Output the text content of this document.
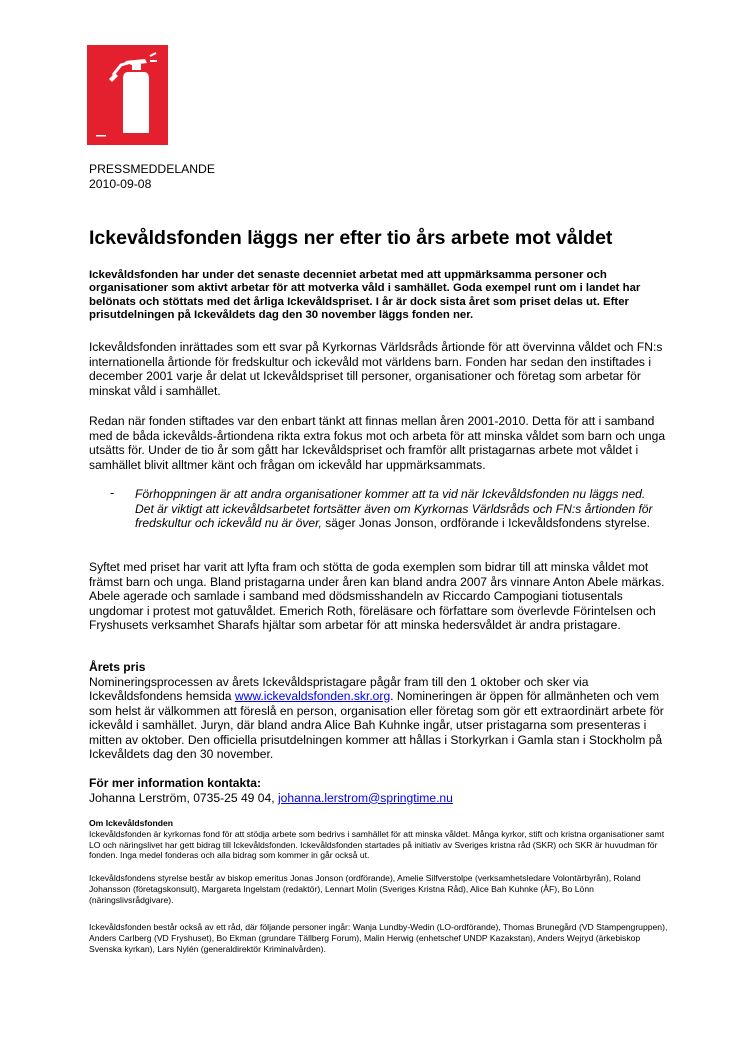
PRESSMEDDELANDE
2010-09-08
Ickevåldsfonden läggs ner efter tio års arbete mot våldet

Ickevåldsfonden har under det senaste decenniet arbetat med att uppmärksamma personer och organisationer som aktivt arbetar för att motverka våld i samhället. Goda exempel runt om i landet har belönats och stöttats med det årliga Ickevåldspriset. I år är dock sista året som priset delas ut. Efter prisutdelningen på Ickevåldets dag den 30 november läggs fonden ner.

Ickevåldsfonden inrättades som ett svar på Kyrkornas Världsråds årtionde för att övervinna våldet och FN:s internationella årtionde för fredskultur och ickevåld mot världens barn. Fonden har sedan den instiftades i december 2001 varje år delat ut Ickevåldspriset till personer, organisationer och företag som arbetar för minskat våld i samhället.

Redan när fonden stiftades var den enbart tänkt att finnas mellan åren 2001-2010. Detta för att i samband med de båda ickevålds-årtiondena rikta extra fokus mot och arbeta för att minska våldet som barn och unga utsätts för. Under de tio år som gått har Ickevåldspriset och framför allt pristagarnas arbete mot våldet i samhället blivit alltmer känt och frågan om ickevåld har uppmärksammats.

- Förhoppningen är att andra organisationer kommer att ta vid när Ickevåldsfonden nu läggs ned. Det är viktigt att ickevåldsarbetet fortsätter även om Kyrkornas Världsråds och FN:s årtionden för fredskultur och ickevåld nu är över, säger Jonas Jonson, ordförande i Ickevåldsfondens styrelse.

Syftet med priset har varit att lyfta fram och stötta de goda exemplen som bidrar till att minska våldet mot främst barn och unga. Bland pristagarna under åren kan bland andra 2007 års vinnare Anton Abele märkas. Abele agerade och samlade i samband med dödsmisshandeln av Riccardo Campogiani tiotusentals ungdomar i protest mot gatuvåldet. Emerich Roth, föreläsare och författare som överlevde Förintelsen och Fryshusets verksamhet Sharafs hjältar som arbetar för att minska hedersvåldet är andra pristagare.

Årets pris
Nomineringsprocessen av årets Ickevåldspristagare pågår fram till den 1 oktober och sker via Ickevåldsfondens hemsida www.ickevaldsfonden.skr.org. Nomineringen är öppen för allmänheten och vem som helst är välkommen att föreslå en person, organisation eller företag som gör ett extraordinärt arbete för ickevåld i samhället. Juryn, där bland andra Alice Bah Kuhnke ingår, utser pristagarna som presenteras i mitten av oktober. Den officiella prisutdelningen kommer att hållas i Storkyrkan i Gamla stan i Stockholm på Ickevåldets dag den 30 november.

För mer information kontakta:
Johanna Lerström, 0735-25 49 04, johanna.lerstrom@springtime.nu

Om Ickevåldsfonden
Ickevåldsfonden är kyrkornas fond för att stödja arbete som bedrivs i samhället för att minska våldet. Många kyrkor, stift och kristna organisationer samt LO och näringslivet har gett bidrag till Ickevåldsfonden. Ickevåldsfonden startades på initiativ av Sveriges kristna råd (SKR) och SKR är huvudman för fonden. Inga medel fonderas och alla bidrag som kommer in går också ut.

Ickevåldsfondens styrelse består av biskop emeritus Jonas Jonson (ordförande), Amelie Silfverstolpe (verksamhetsledare Volontärbyrån), Roland Johansson (företagskonsult), Margareta Ingelstam (redaktör), Lennart Molin (Sveriges Kristna Råd), Alice Bah Kuhnke (ÅF), Bo Lönn (näringslivsrådgivare).

Ickevåldsfonden består också av ett råd, där följande personer ingår: Wanja Lundby-Wedin (LO-ordförande), Thomas Brunegård (VD Stampengruppen), Anders Carlberg (VD Fryshuset), Bo Ekman (grundare Tällberg Forum), Malin Herwig (enhetschef UNDP Kazakstan), Anders Wejryd (ärkebiskop Svenska kyrkan), Lars Nylén (generaldirektör Kriminalvården).
